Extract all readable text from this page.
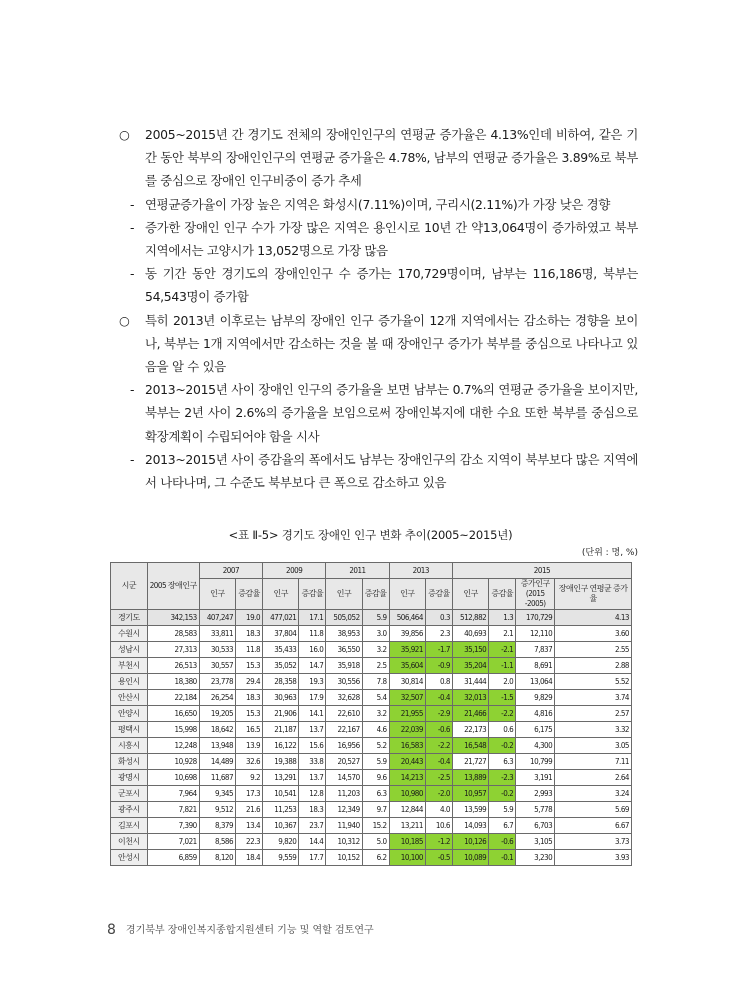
○ 2005~2015년 간 경기도 전체의 장애인인구의 연평균 증가율은 4.13%인데 비하여, 같은 기간 동안 북부의 장애인인구의 연평균 증가율은 4.78%, 남부의 연평균 증가율은 3.89%로 북부를 중심으로 장애인 인구비중이 증가 추세
- 연평균증가율이 가장 높은 지역은 화성시(7.11%)이며, 구리시(2.11%)가 가장 낮은 경향
- 증가한 장애인 인구 수가 가장 많은 지역은 용인시로 10년 간 약13,064명이 증가하였고 북부지역에서는 고양시가 13,052명으로 가장 많음
- 동 기간 동안 경기도의 장애인인구 수 증가는 170,729명이며, 남부는 116,186명, 북부는 54,543명이 증가함
○ 특히 2013년 이후로는 남부의 장애인 인구 증가율이 12개 지역에서는 감소하는 경향을 보이나, 북부는 1개 지역에서만 감소하는 것을 볼 때 장애인구 증가가 북부를 중심으로 나타나고 있음을 알 수 있음
- 2013~2015년 사이 장애인 인구의 증가율을 보면 남부는 0.7%의 연평균 증가율을 보이지만, 북부는 2년 사이 2.6%의 증가율을 보임으로써 장애인복지에 대한 수요 또한 북부를 중심으로 확장계획이 수립되어야 함을 시사
- 2013~2015년 사이 증감율의 폭에서도 남부는 장애인구의 감소 지역이 북부보다 많은 지역에서 나타나며, 그 수준도 북부보다 큰 폭으로 감소하고 있음
<표 Ⅱ-5> 경기도 장애인 인구 변화 추이(2005~2015년)
(단위 : 명, %)
시군	2005 장애인구	2007		2009		2011		2013		2015			
		인구	증감율	인구	증감율	인구	증감율	인구	증감율	인구	증감율	증가인구 (2015 -2005)	장애인구 연평균 증가율
경기도	342,153	407,247	19.0	477,021	17.1	505,052	5.9	506,464	0.3	512,882	1.3	170,729	4.13
수원시	28,583	33,811	18.3	37,804	11.8	38,953	3.0	39,856	2.3	40,693	2.1	12,110	3.60
성남시	27,313	30,533	11.8	35,433	16.0	36,550	3.2	35,921	-1.7	35,150	-2.1	7,837	2.55
부천시	26,513	30,557	15.3	35,052	14.7	35,918	2.5	35,604	-0.9	35,204	-1.1	8,691	2.88
용인시	18,380	23,778	29.4	28,358	19.3	30,556	7.8	30,814	0.8	31,444	2.0	13,064	5.52
안산시	22,184	26,254	18.3	30,963	17.9	32,628	5.4	32,507	-0.4	32,013	-1.5	9,829	3.74
안양시	16,650	19,205	15.3	21,906	14.1	22,610	3.2	21,955	-2.9	21,466	-2.2	4,816	2.57
평택시	15,998	18,642	16.5	21,187	13.7	22,167	4.6	22,039	-0.6	22,173	0.6	6,175	3.32
시흥시	12,248	13,948	13.9	16,122	15.6	16,956	5.2	16,583	-2.2	16,548	-0.2	4,300	3.05
화성시	10,928	14,489	32.6	19,388	33.8	20,527	5.9	20,443	-0.4	21,727	6.3	10,799	7.11
광명시	10,698	11,687	9.2	13,291	13.7	14,570	9.6	14,213	-2.5	13,889	-2.3	3,191	2.64
군포시	7,964	9,345	17.3	10,541	12.8	11,203	6.3	10,980	-2.0	10,957	-0.2	2,993	3.24
광주시	7,821	9,512	21.6	11,253	18.3	12,349	9.7	12,844	4.0	13,599	5.9	5,778	5.69
김포시	7,390	8,379	13.4	10,367	23.7	11,940	15.2	13,211	10.6	14,093	6.7	6,703	6.67
이천시	7,021	8,586	22.3	9,820	14.4	10,312	5.0	10,185	-1.2	10,126	-0.6	3,105	3.73
안성시	6,859	8,120	18.4	9,559	17.7	10,152	6.2	10,100	-0.5	10,089	-0.1	3,230	3.93
8 경기북부 장애인복지종합지원센터 기능 및 역할 검토연구
